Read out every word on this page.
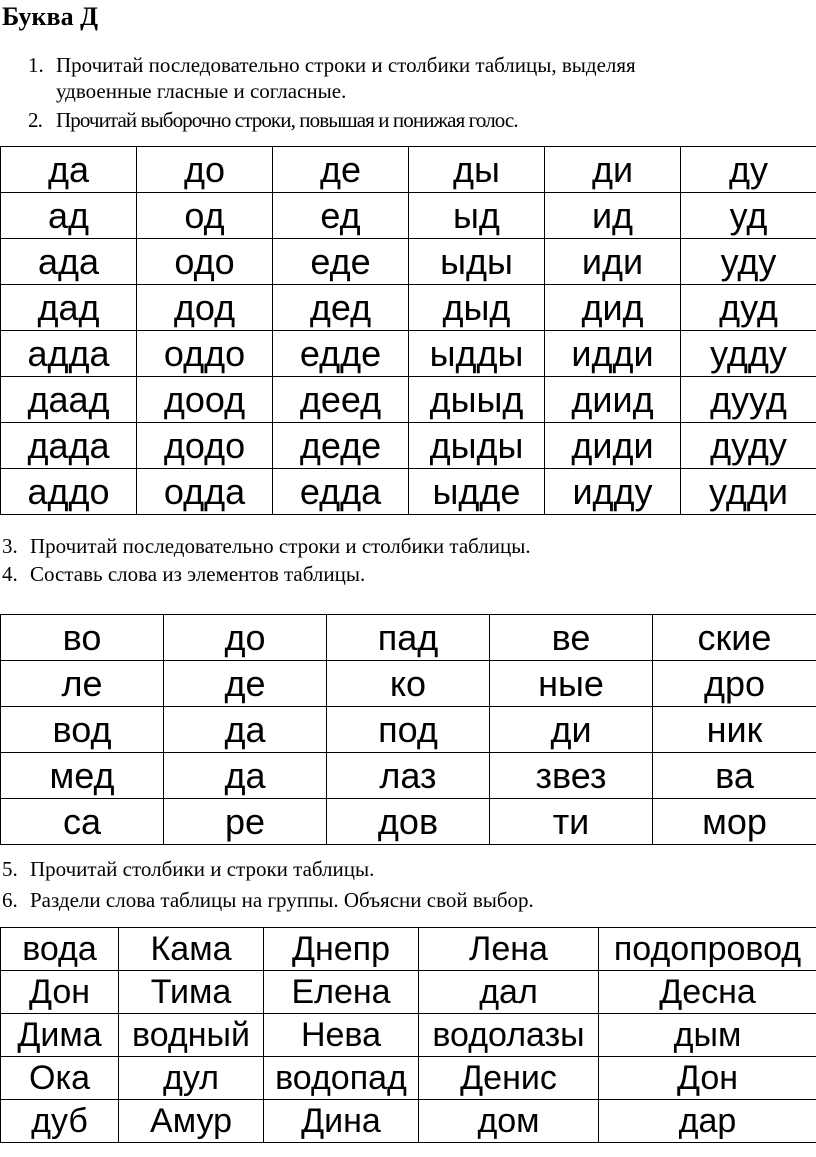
Буква Д
1. Прочитай последовательно строки и столбики таблицы, выделяя
удвоенные гласные и согласные.
2. Прочитай выборочно строки, повышая и понижая голос.
да	до	де	ды	ди	ду
ад	од	ед	ыд	ид	уд
ада	одо	еде	ыды	иди	уду
дад	дод	дед	дыд	дид	дуд
адда	оддо	едде	ыдды	идди	удду
даад	доод	деед	дыыд	диид	дууд
дада	додо	деде	дыды	диди	дуду
аддо	одда	едда	ыдде	идду	удди
3. Прочитай последовательно строки и столбики таблицы.
4. Составь слова из элементов таблицы.
во	до	пад	ве	ские
ле	де	ко	ные	дро
вод	да	под	ди	ник
мед	да	лаз	звез	ва
са	ре	дов	ти	мор
5. Прочитай столбики и строки таблицы.
6. Раздели слова таблицы на группы. Объясни свой выбор.
вода	Кама	Днепр	Лена	подопровод
Дон	Тима	Елена	дал	Десна
Дима	водный	Нева	водолазы	дым
Ока	дул	водопад	Денис	Дон
дуб	Амур	Дина	дом	дар
